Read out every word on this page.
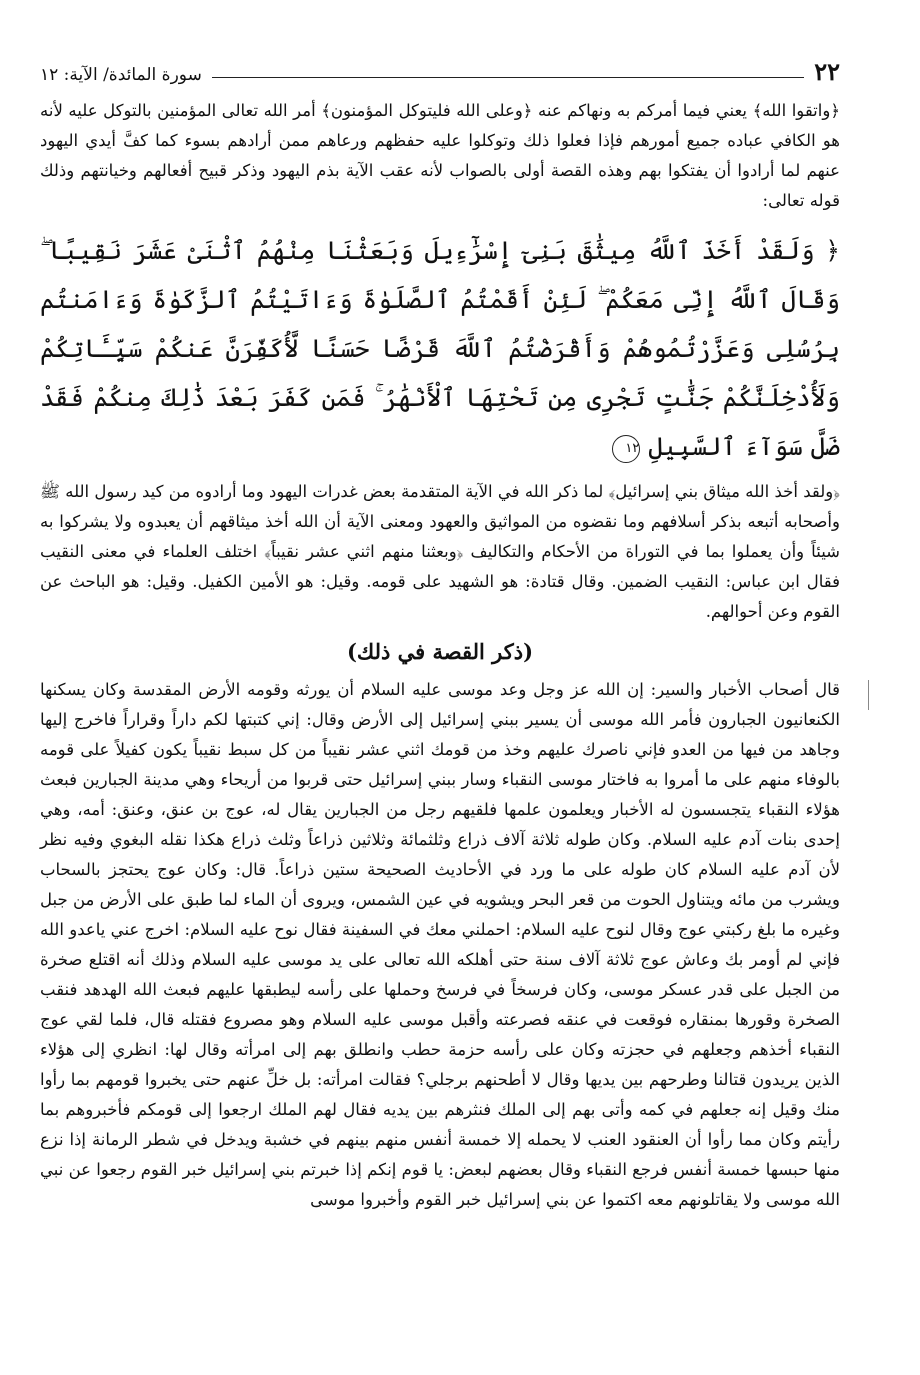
٢٢
سورة المائدة/ الآية: ١٢

﴿واتقوا الله﴾ يعني فيما أمركم به ونهاكم عنه ﴿وعلى الله فليتوكل المؤمنون﴾ أمر الله تعالى المؤمنين بالتوكل عليه لأنه هو الكافي عباده جميع أمورهم فإذا فعلوا ذلك وتوكلوا عليه حفظهم ورعاهم ممن أرادهم بسوء كما كفَّ أيدي اليهود عنهم لما أرادوا أن يفتكوا بهم وهذه القصة أولى بالصواب لأنه عقب الآية بذم اليهود وذكر قبيح أفعالهم وخيانتهم وذلك قوله تعالى:

﴿ وَلَقَدْ أَخَذَ ٱللَّهُ مِيثَٰقَ بَنِىٓ إِسْرَٰٓءِيلَ وَبَعَثْنَا مِنْهُمُ ٱثْنَىْ عَشَرَ نَقِيبًا ۖ وَقَالَ ٱللَّهُ إِنِّى مَعَكُمْ ۖ لَئِنْ أَقَمْتُمُ ٱلصَّلَوٰةَ وَءَاتَيْتُمُ ٱلزَّكَوٰةَ وَءَامَنتُم بِرُسُلِى وَعَزَّرْتُمُوهُمْ وَأَقْرَضْتُمُ ٱللَّهَ قَرْضًا حَسَنًا لَّأُكَفِّرَنَّ عَنكُمْ سَيِّـَٔاتِكُمْ وَلَأُدْخِلَنَّكُمْ جَنَّٰتٍ تَجْرِى مِن تَحْتِهَا ٱلْأَنْهَٰرُ ۚ فَمَن كَفَرَ بَعْدَ ذَٰلِكَ مِنكُمْ فَقَدْ ضَلَّ سَوَآءَ ٱلسَّبِيلِ ١٢

﴿ولقد أخذ الله ميثاق بني إسرائيل﴾ لما ذكر الله في الآية المتقدمة بعض غدرات اليهود وما أرادوه من كيد رسول الله ﷺ وأصحابه أتبعه بذكر أسلافهم وما نقضوه من المواثيق والعهود ومعنى الآية أن الله أخذ ميثاقهم أن يعبدوه ولا يشركوا به شيئاً وأن يعملوا بما في التوراة من الأحكام والتكاليف ﴿وبعثنا منهم اثني عشر نقيباً﴾ اختلف العلماء في معنى النقيب فقال ابن عباس: النقيب الضمين. وقال قتادة: هو الشهيد على قومه. وقيل: هو الأمين الكفيل. وقيل: هو الباحث عن القوم وعن أحوالهم.

(ذكر القصة في ذلك)

قال أصحاب الأخبار والسير: إن الله عز وجل وعد موسى عليه السلام أن يورثه وقومه الأرض المقدسة وكان يسكنها الكنعانيون الجبارون فأمر الله موسى أن يسير ببني إسرائيل إلى الأرض وقال: إني كتبتها لكم داراً وقراراً فاخرج إليها وجاهد من فيها من العدو فإني ناصرك عليهم وخذ من قومك اثني عشر نقيباً من كل سبط نقيباً يكون كفيلاً على قومه بالوفاء منهم على ما أمروا به فاختار موسى النقباء وسار ببني إسرائيل حتى قربوا من أريحاء وهي مدينة الجبارين فبعث هؤلاء النقباء يتجسسون له الأخبار ويعلمون علمها فلقيهم رجل من الجبارين يقال له، عوج بن عنق، وعنق: أمه، وهي إحدى بنات آدم عليه السلام. وكان طوله ثلاثة آلاف ذراع وثلثمائة وثلاثين ذراعاً وثلث ذراع هكذا نقله البغوي وفيه نظر لأن آدم عليه السلام كان طوله على ما ورد في الأحاديث الصحيحة ستين ذراعاً. قال: وكان عوج يحتجز بالسحاب ويشرب من مائه ويتناول الحوت من قعر البحر ويشويه في عين الشمس، ويروى أن الماء لما طبق على الأرض من جبل وغيره ما بلغ ركبتي عوج وقال لنوح عليه السلام: احملني معك في السفينة فقال نوح عليه السلام: اخرج عني ياعدو الله فإني لم أومر بك وعاش عوج ثلاثة آلاف سنة حتى أهلكه الله تعالى على يد موسى عليه السلام وذلك أنه اقتلع صخرة من الجبل على قدر عسكر موسى، وكان فرسخاً في فرسخ وحملها على رأسه ليطبقها عليهم فبعث الله الهدهد فنقب الصخرة وقورها بمنقاره فوقعت في عنقه فصرعته وأقبل موسى عليه السلام وهو مصروع فقتله قال، فلما لقي عوج النقباء أخذهم وجعلهم في حجزته وكان على رأسه حزمة حطب وانطلق بهم إلى امرأته وقال لها: انظري إلى هؤلاء الذين يريدون قتالنا وطرحهم بين يديها وقال لا أطحنهم برجلي؟ فقالت امرأته: بل خلِّ عنهم حتى يخبروا قومهم بما رأوا منك وقيل إنه جعلهم في كمه وأتى بهم إلى الملك فنثرهم بين يديه فقال لهم الملك ارجعوا إلى قومكم فأخبروهم بما رأيتم وكان مما رأوا أن العنقود العنب لا يحمله إلا خمسة أنفس منهم بينهم في خشبة ويدخل في شطر الرمانة إذا نزع منها حبسها خمسة أنفس فرجع النقباء وقال بعضهم لبعض: يا قوم إنكم إذا خبرتم بني إسرائيل خبر القوم رجعوا عن نبي الله موسى ولا يقاتلونهم معه اكتموا عن بني إسرائيل خبر القوم وأخبروا موسى
